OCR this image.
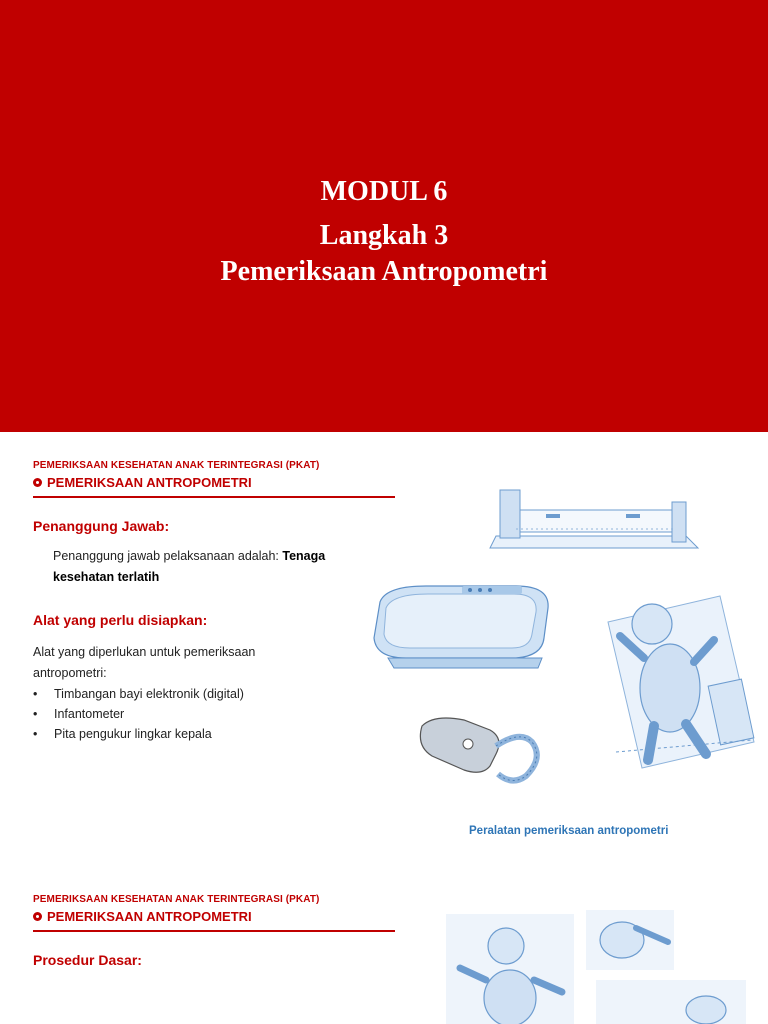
MODUL 6
Langkah 3
Pemeriksaan Antropometri
PEMERIKSAAN KESEHATAN ANAK TERINTEGRASI (PKAT)
PEMERIKSAAN ANTROPOMETRI
Penanggung Jawab:
Penanggung jawab pelaksanaan adalah: Tenaga
kesehatan terlatih
Alat yang perlu disiapkan:
Alat yang diperlukan untuk pemeriksaan
antropometri:
• Timbangan bayi elektronik (digital)
• Infantometer
• Pita pengukur lingkar kepala
Peralatan pemeriksaan antropometri
PEMERIKSAAN KESEHATAN ANAK TERINTEGRASI (PKAT)
PEMERIKSAAN ANTROPOMETRI
Prosedur Dasar:
